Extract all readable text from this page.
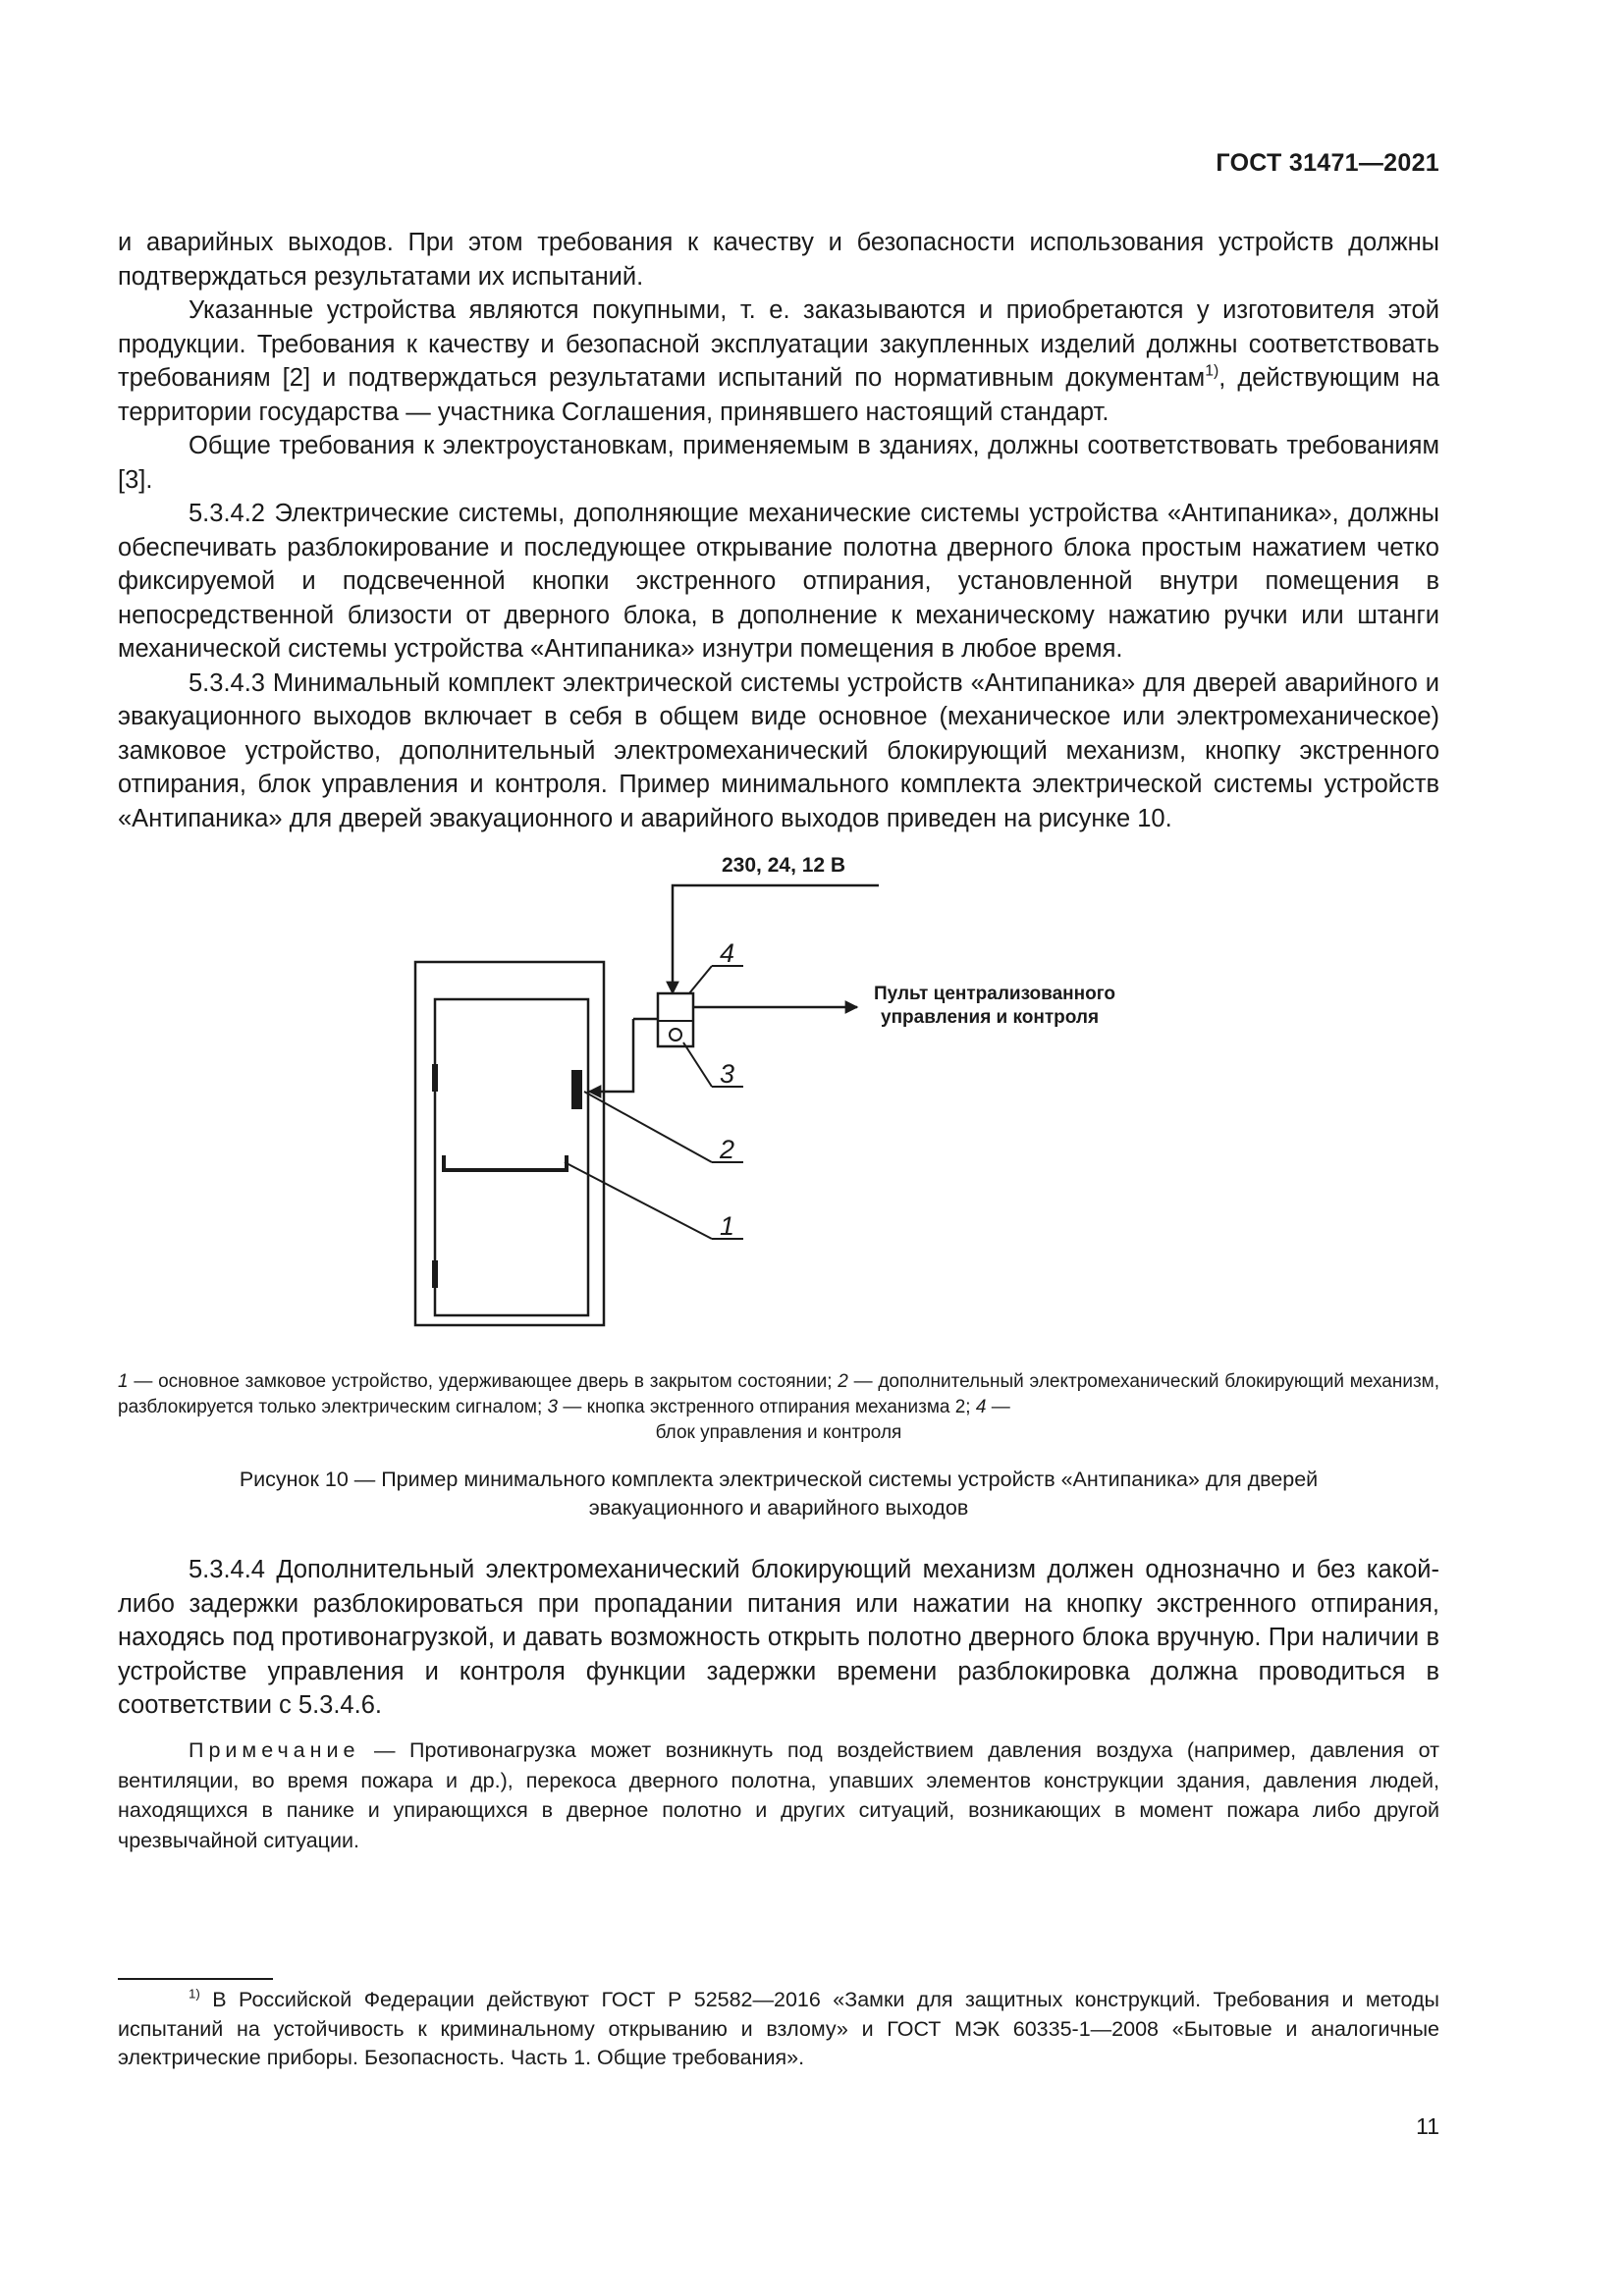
ГОСТ 31471—2021

и аварийных выходов. При этом требования к качеству и безопасности использования устройств должны подтверждаться результатами их испытаний.

Указанные устройства являются покупными, т. е. заказываются и приобретаются у изготовителя этой продукции. Требования к качеству и безопасной эксплуатации закупленных изделий должны соответствовать требованиям [2] и подтверждаться результатами испытаний по нормативным документам$^{1)}$, действующим на территории государства — участника Соглашения, принявшего настоящий стандарт.

Общие требования к электроустановкам, применяемым в зданиях, должны соответствовать требованиям [3].

5.3.4.2 Электрические системы, дополняющие механические системы устройства «Антипаника», должны обеспечивать разблокирование и последующее открывание полотна дверного блока простым нажатием четко фиксируемой и подсвеченной кнопки экстренного отпирания, установленной внутри помещения в непосредственной близости от дверного блока, в дополнение к механическому нажатию ручки или штанги механической системы устройства «Антипаника» изнутри помещения в любое время.

5.3.4.3 Минимальный комплект электрической системы устройств «Антипаника» для дверей аварийного и эвакуационного выходов включает в себя в общем виде основное (механическое или электромеханическое) замковое устройство, дополнительный электромеханический блокирующий механизм, кнопку экстренного отпирания, блок управления и контроля. Пример минимального комплекта электрической системы устройств «Антипаника» для дверей эвакуационного и аварийного выходов приведен на рисунке 10.

230, 24, 12 В
Пульт централизованного
управления и контроля
4
3
2
1

1 — основное замковое устройство, удерживающее дверь в закрытом состоянии; 2 — дополнительный электромеханический блокирующий механизм, разблокируется только электрическим сигналом; 3 — кнопка экстренного отпирания механизма 2; 4 —

блок управления и контроля

Рисунок 10 — Пример минимального комплекта электрической системы устройств «Антипаника» для дверей

эвакуационного и аварийного выходов

5.3.4.4 Дополнительный электромеханический блокирующий механизм должен однозначно и без какой-либо задержки разблокироваться при пропадании питания или нажатии на кнопку экстренного отпирания, находясь под противонагрузкой, и давать возможность открыть полотно дверного блока вручную. При наличии в устройстве управления и контроля функции задержки времени разблокировка должна проводиться в соответствии с 5.3.4.6.

Примечание — Противонагрузка может возникнуть под воздействием давления воздуха (например, давления от вентиляции, во время пожара и др.), перекоса дверного полотна, упавших элементов конструкции здания, давления людей, находящихся в панике и упирающихся в дверное полотно и других ситуаций, возникающих в момент пожара либо другой чрезвычайной ситуации.

$^{1)}$ В Российской Федерации действуют ГОСТ Р 52582—2016 «Замки для защитных конструкций. Требования и методы испытаний на устойчивость к криминальному открыванию и взлому» и ГОСТ МЭК 60335-1—2008 «Бытовые и аналогичные электрические приборы. Безопасность. Часть 1. Общие требования».

11
